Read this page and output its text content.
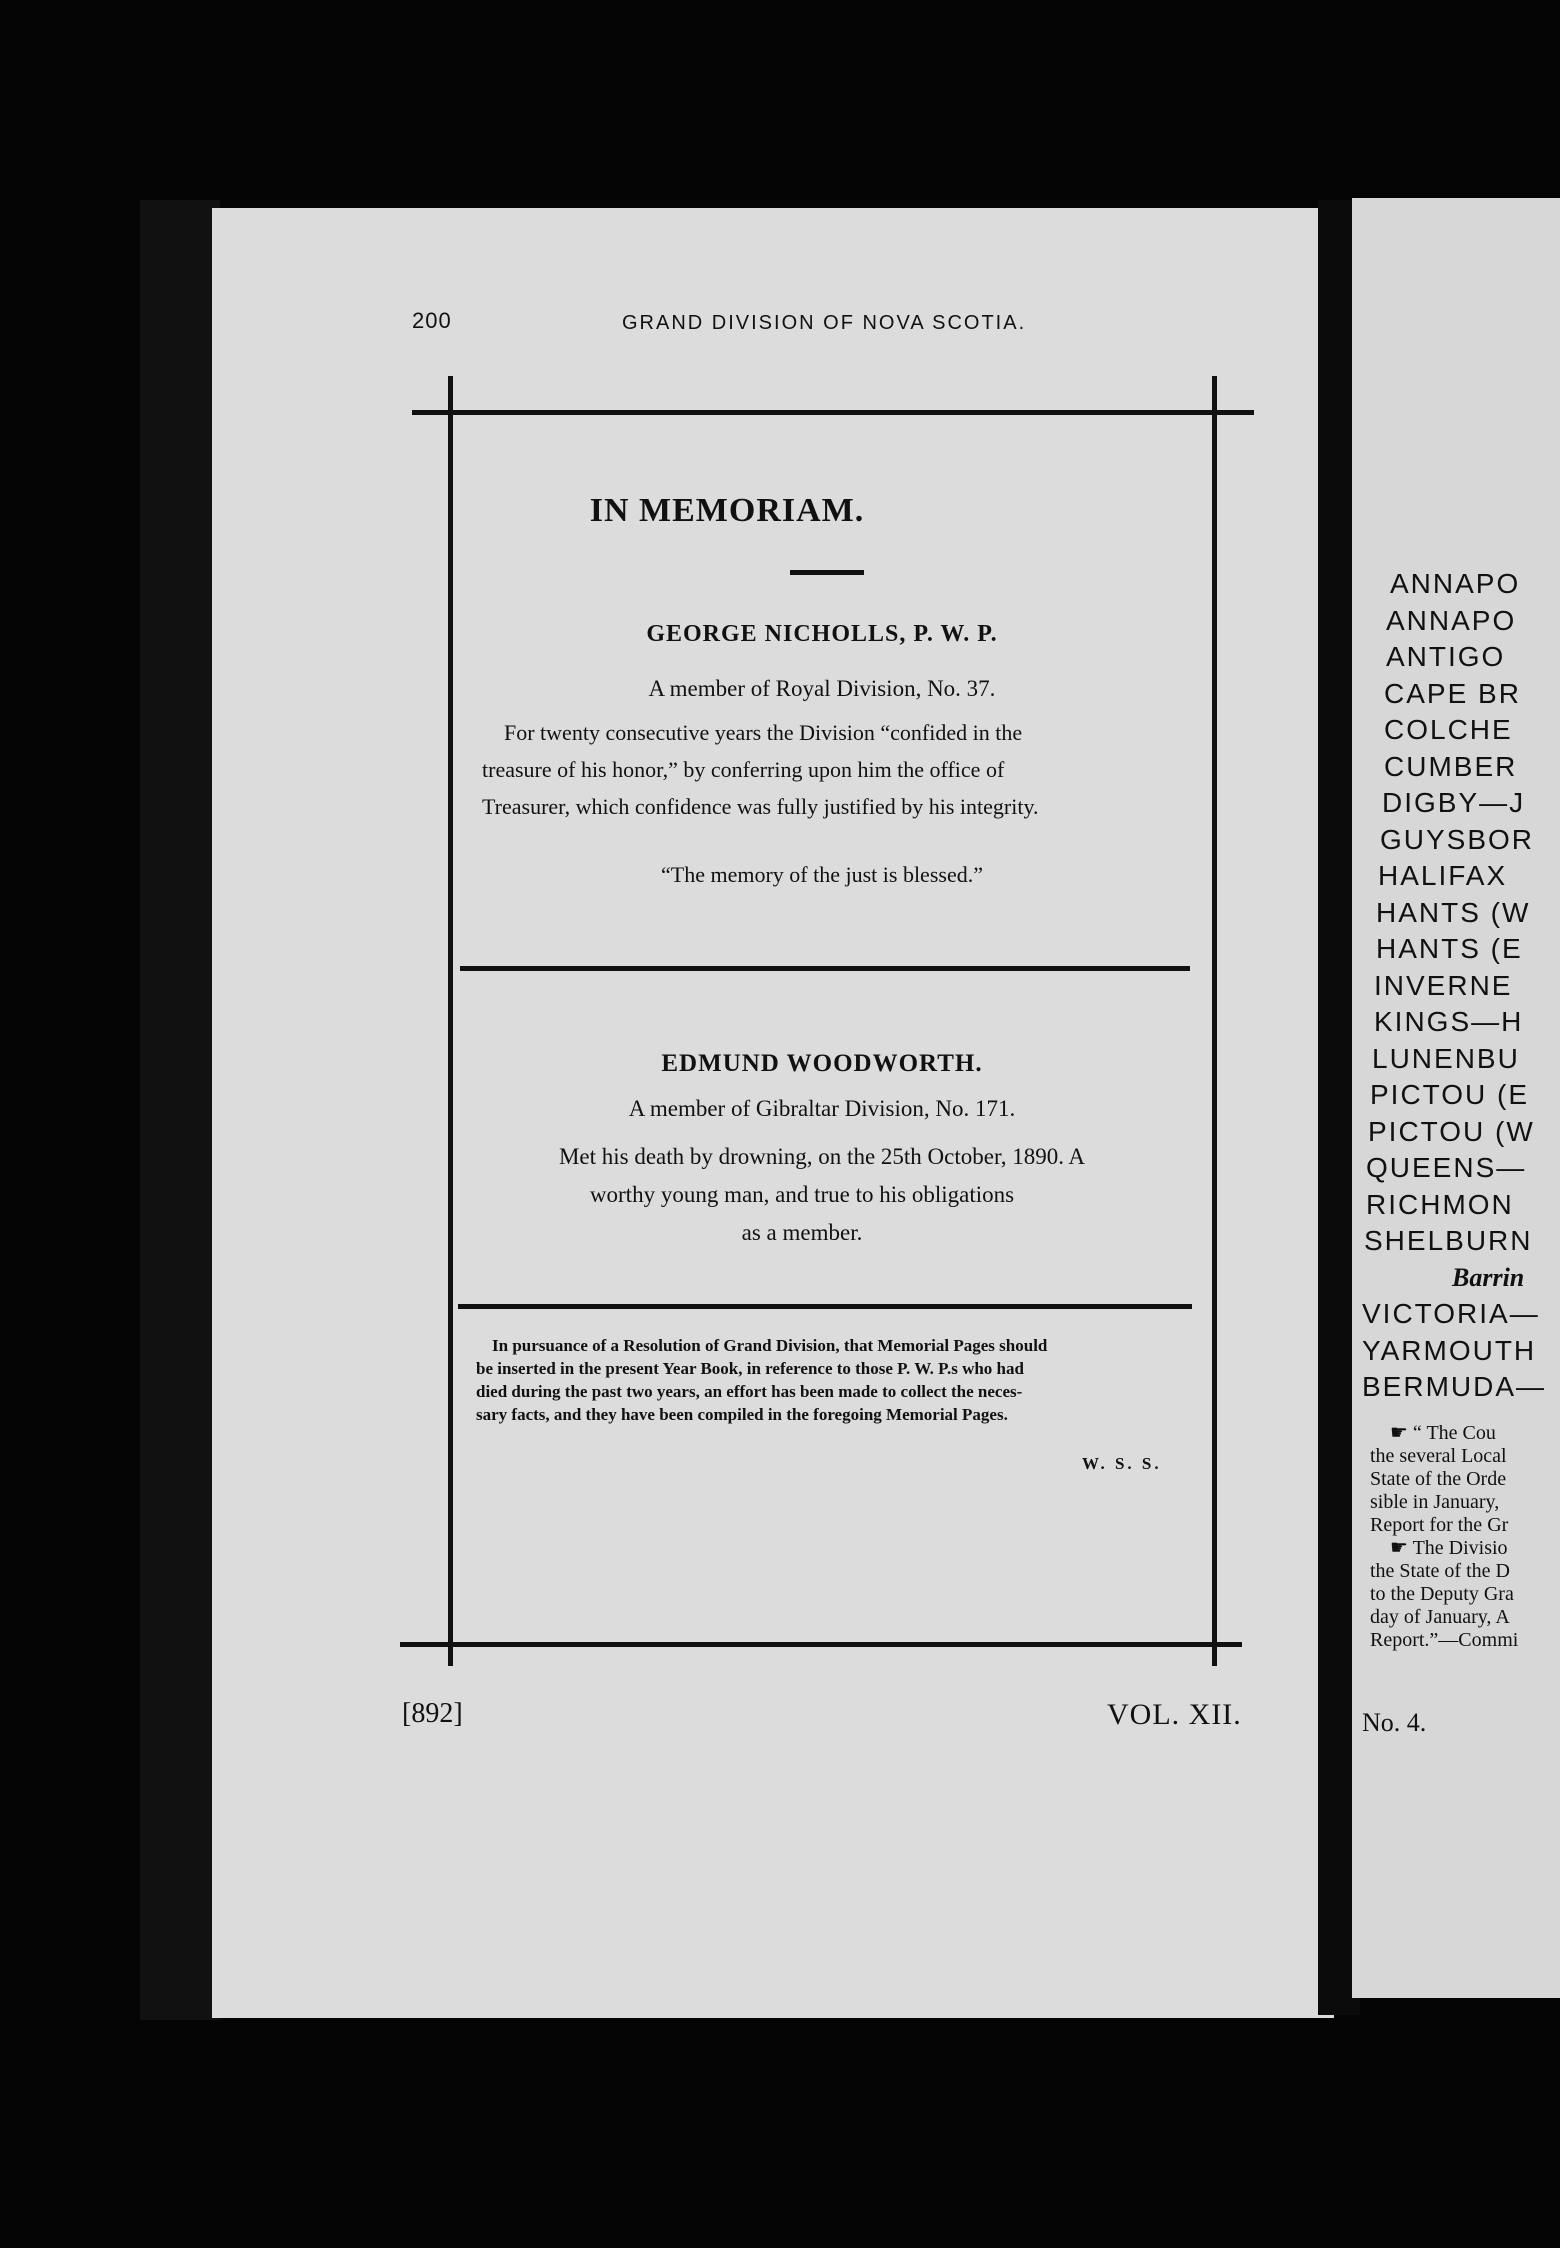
200	GRAND DIVISION OF NOVA SCOTIA.
IN MEMORIAM.
GEORGE NICHOLLS, P. W. P.
A member of Royal Division, No. 37.
For twenty consecutive years the Division “confided in the
treasure of his honor,” by conferring upon him the office of
Treasurer, which confidence was fully justified by his integrity.
“The memory of the just is blessed.”
EDMUND WOODWORTH.
A member of Gibraltar Division, No. 171.
Met his death by drowning, on the 25th October, 1890. A
worthy young man, and true to his obligations
as a member.
In pursuance of a Resolution of Grand Division, that Memorial Pages should
be inserted in the present Year Book, in reference to those P. W. P.s who had
died during the past two years, an effort has been made to collect the neces-
sary facts, and they have been compiled in the foregoing Memorial Pages.
W. S. S.
[892]	VOL. XII.
ANNAPO
ANNAPO
ANTIGO
CAPE BR
COLCHE
CUMBER
DIGBY—J
GUYSBOR
HALIFAX
HANTS (W
HANTS (E
INVERNE
KINGS—H
LUNENBU
PICTOU (E
PICTOU (W
QUEENS—
RICHMON
SHELBURN
Barrin
VICTORIA—
YARMOUTH
BERMUDA—
☛ “ The Cou
the several Local
State of the Orde
sible in January,
Report for the Gr
☛ The Divisio
the State of the D
to the Deputy Gra
day of January, A
Report.”—Commi
No. 4.
